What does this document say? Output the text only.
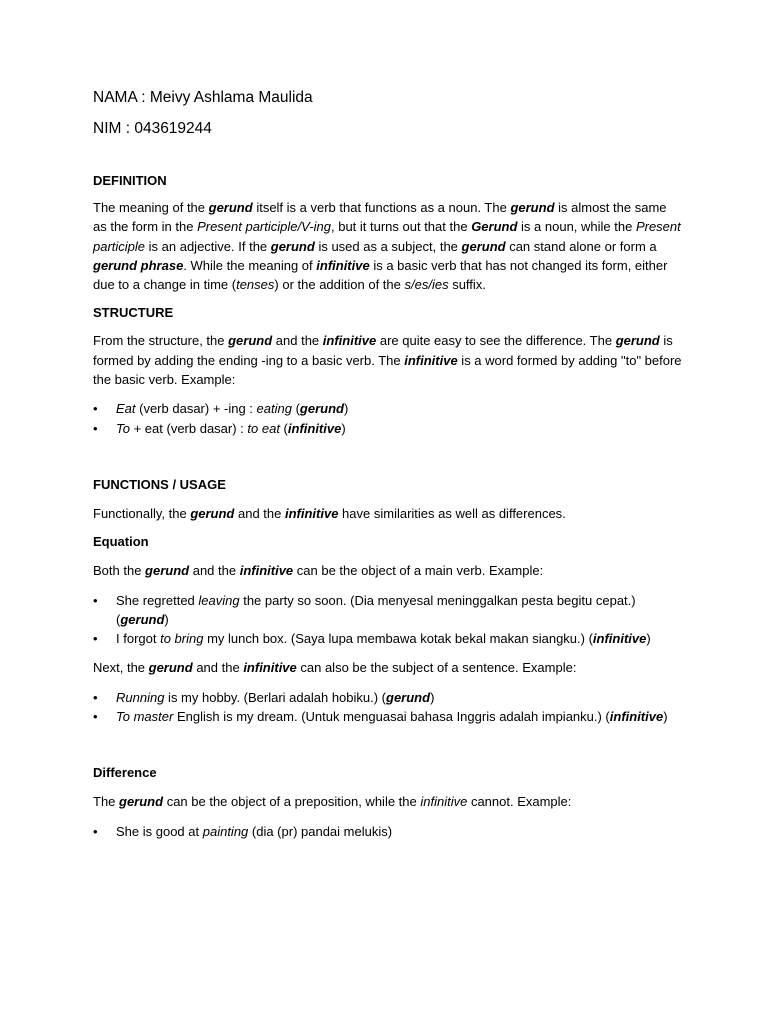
NAMA : Meivy Ashlama Maulida
NIM : 043619244
DEFINITION

The meaning of the gerund itself is a verb that functions as a noun. The gerund is almost the same as the form in the Present participle/V-ing, but it turns out that the Gerund is a noun, while the Present participle is an adjective. If the gerund is used as a subject, the gerund can stand alone or form a gerund phrase. While the meaning of infinitive is a basic verb that has not changed its form, either due to a change in time (tenses) or the addition of the s/es/ies suffix.

STRUCTURE

From the structure, the gerund and the infinitive are quite easy to see the difference. The gerund is formed by adding the ending -ing to a basic verb. The infinitive is a word formed by adding "to" before the basic verb. Example:

• Eat (verb dasar) + -ing : eating (gerund)
• To + eat (verb dasar) : to eat (infinitive)
FUNCTIONS / USAGE

Functionally, the gerund and the infinitive have similarities as well as differences.

Equation

Both the gerund and the infinitive can be the object of a main verb. Example:

• She regretted leaving the party so soon. (Dia menyesal meninggalkan pesta begitu cepat.) (gerund)
• I forgot to bring my lunch box. (Saya lupa membawa kotak bekal makan siangku.) (infinitive)

Next, the gerund and the infinitive can also be the subject of a sentence. Example:

• Running is my hobby. (Berlari adalah hobiku.) (gerund)
• To master English is my dream. (Untuk menguasai bahasa Inggris adalah impianku.) (infinitive)
Difference

The gerund can be the object of a preposition, while the infinitive cannot. Example:

• She is good at painting (dia (pr) pandai melukis)
